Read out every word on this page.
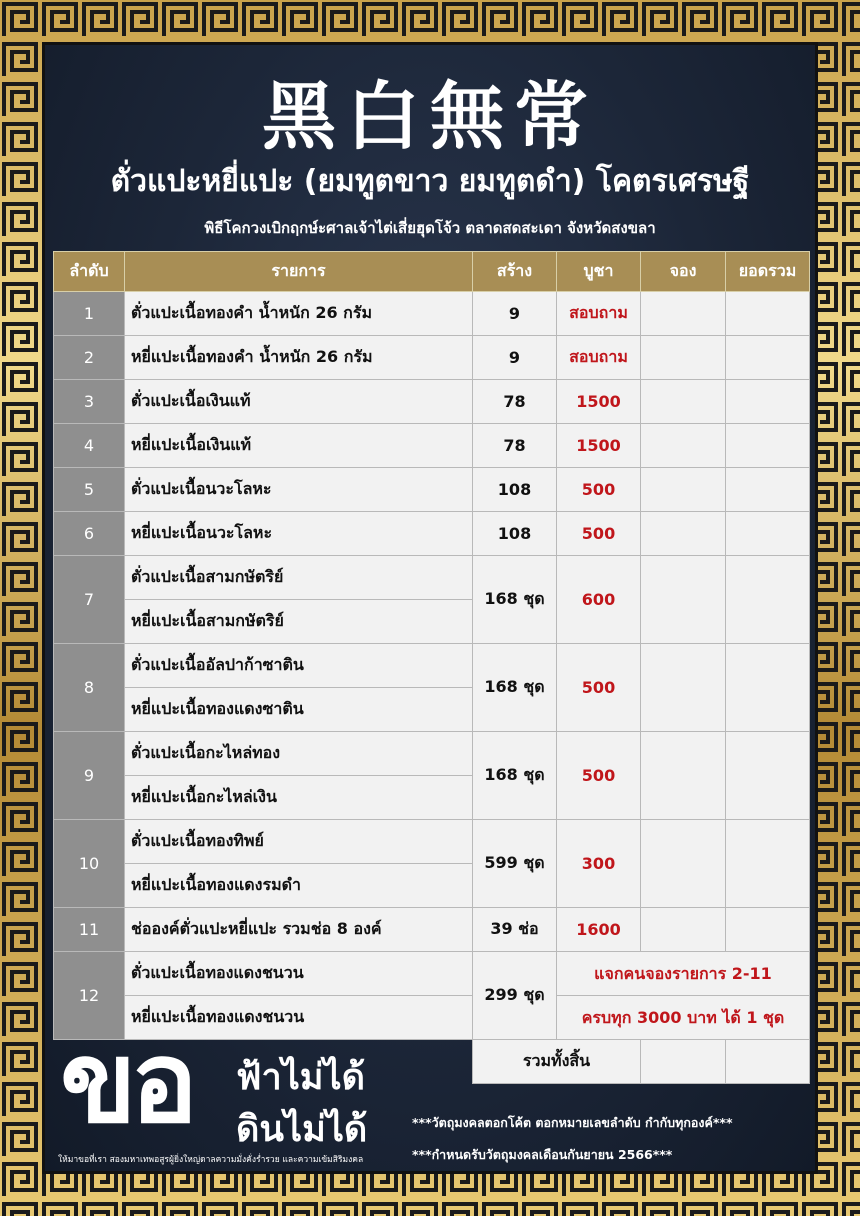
黑白無常
ตั่วแปะหยี่แปะ (ยมทูตขาว ยมทูตดำ) โคตรเศรษฐี
พิธีโคกวงเบิกฤกษ์ะศาลเจ้าไต่เสี่ยฮุดโจ้ว ตลาดสดสะเดา จังหวัดสงขลา
ลำดับ	รายการ	สร้าง	บูชา	จอง	ยอดรวม
1	ตั่วแปะเนื้อทองคำ น้ำหนัก 26 กรัม	9	สอบถาม		
2	หยี่แปะเนื้อทองคำ น้ำหนัก 26 กรัม	9	สอบถาม		
3	ตั่วแปะเนื้อเงินแท้	78	1500		
4	หยี่แปะเนื้อเงินแท้	78	1500		
5	ตั่วแปะเนื้อนวะโลหะ	108	500		
6	หยี่แปะเนื้อนวะโลหะ	108	500		
7	ตั่วแปะเนื้อสามกษัตริย์	168 ชุด	600		
	หยี่แปะเนื้อสามกษัตริย์				
8	ตั่วแปะเนื้ออัลปาก้าซาติน	168 ชุด	500		
	หยี่แปะเนื้อทองแดงซาติน				
9	ตั่วแปะเนื้อกะไหล่ทอง	168 ชุด	500		
	หยี่แปะเนื้อกะไหล่เงิน				
10	ตั่วแปะเนื้อทองทิพย์	599 ชุด	300		
	หยี่แปะเนื้อทองแดงรมดำ				
11	ช่อองค์ตั่วแปะหยี่แปะ รวมช่อ 8 องค์	39 ช่อ	1600		
12	ตั่วแปะเนื้อทองแดงชนวน	299 ชุด	แจกคนจองรายการ 2-11		
	หยี่แปะเนื้อทองแดงชนวน		ครบทุก 3000 บาท ได้ 1 ชุด		
		รวมทั้งสิ้น			
ขอ ฟ้าไม่ได้
ดินไม่ได้
ให้มาขอที่เรา สองมหาเทพอสูรผู้ยิ่งใหญ่ดาลความมั่งคั่งร่ำรวย และความเข้มสิริมงคล
***วัตถุมงคลตอกโค้ต ตอกหมายเลขลำดับ กำกับทุกองค์***
***กำหนดรับวัตถุมงคลเดือนกันยายน 2566***
